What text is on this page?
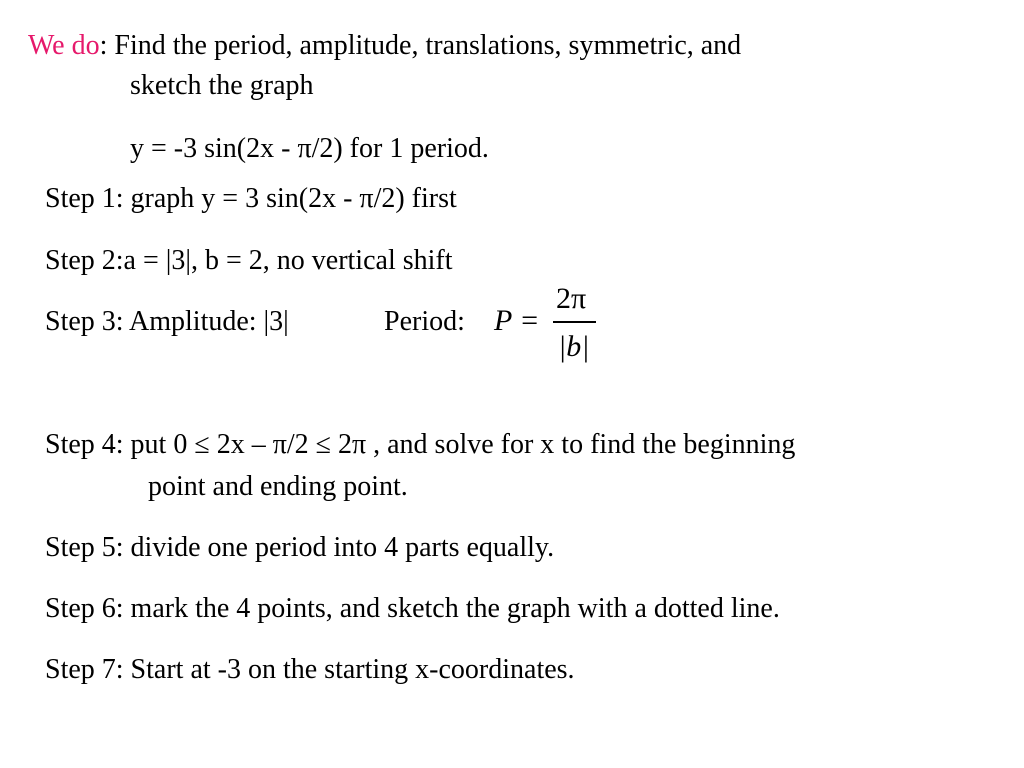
We do: Find the period, amplitude, translations, symmetric, and
sketch the graph
y = -3 sin(2x - π/2) for 1 period.
Step 1: graph y = 3 sin(2x - π/2) first
Step 2:a = |3|, b = 2, no vertical shift
Step 3: Amplitude: |3|	Period: P =
2π
|b|
Step 4: put 0 ≤ 2x – π/2 ≤ 2π , and solve for x to find the beginning
point and ending point.
Step 5: divide one period into 4 parts equally.
Step 6: mark the 4 points, and sketch the graph with a dotted line.
Step 7: Start at -3 on the starting x-coordinates.
